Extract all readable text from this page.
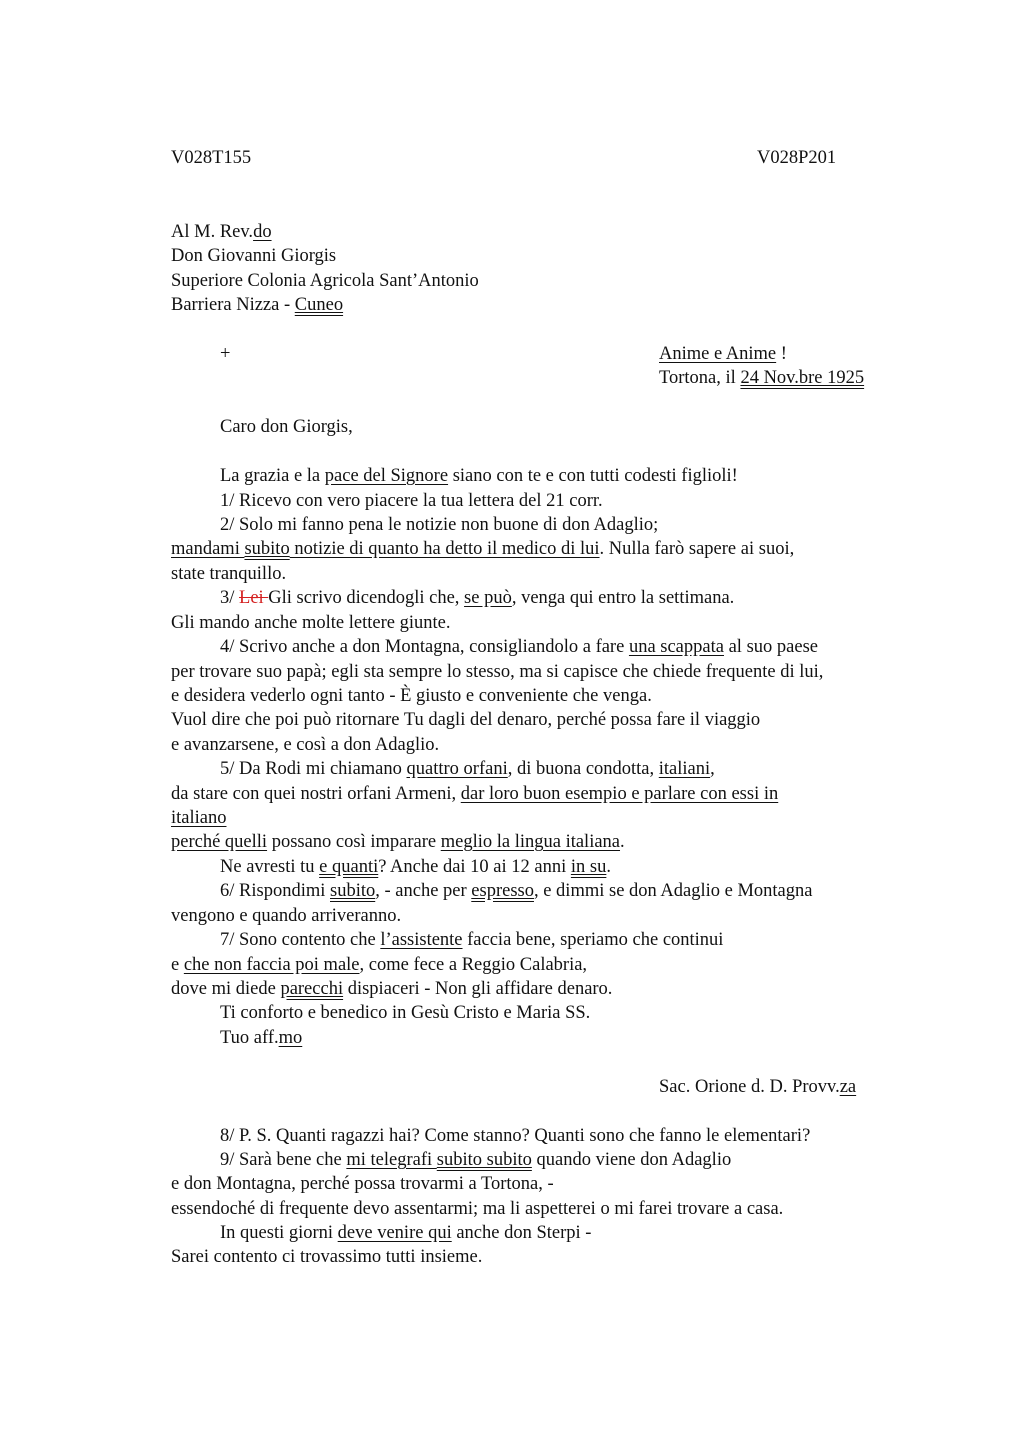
V028T155	V028P201
Al M. Rev.do
Don Giovanni Giorgis
Superiore Colonia Agricola Sant’Antonio
Barriera Nizza - Cuneo
+	Anime e Anime !
Tortona, il 24 Nov.bre 1925
Caro don Giorgis,
La grazia e la pace del Signore siano con te e con tutti codesti figlioli!
1/ Ricevo con vero piacere la tua lettera del 21 corr.
2/ Solo mi fanno pena le notizie non buone di don Adaglio;
mandami subito notizie di quanto ha detto il medico di lui. Nulla farò sapere ai suoi,
state tranquillo.
3/ Lei Gli scrivo dicendogli che, se può, venga qui entro la settimana.
Gli mando anche molte lettere giunte.
4/ Scrivo anche a don Montagna, consigliandolo a fare una scappata al suo paese
per trovare suo papà; egli sta sempre lo stesso, ma si capisce che chiede frequente di lui,
e desidera vederlo ogni tanto - È giusto e conveniente che venga.
Vuol dire che poi può ritornare Tu dagli del denaro, perché possa fare il viaggio
e avanzarsene, e così a don Adaglio.
5/ Da Rodi mi chiamano quattro orfani, di buona condotta, italiani,
da stare con quei nostri orfani Armeni, dar loro buon esempio e parlare con essi in
italiano
perché quelli possano così imparare meglio la lingua italiana.
Ne avresti tu e quanti? Anche dai 10 ai 12 anni in su.
6/ Rispondimi subito, - anche per espresso, e dimmi se don Adaglio e Montagna
vengono e quando arriveranno.
7/ Sono contento che l’assistente faccia bene, speriamo che continui
e che non faccia poi male, come fece a Reggio Calabria,
dove mi diede parecchi dispiaceri - Non gli affidare denaro.
Ti conforto e benedico in Gesù Cristo e Maria SS.
Tuo aff.mo
Sac. Orione d. D. Provv.za
8/ P. S. Quanti ragazzi hai? Come stanno? Quanti sono che fanno le elementari?
9/ Sarà bene che mi telegrafi subito subito quando viene don Adaglio
e don Montagna, perché possa trovarmi a Tortona, -
essendoché di frequente devo assentarmi; ma li aspetterei o mi farei trovare a casa.
In questi giorni deve venire qui anche don Sterpi -
Sarei contento ci trovassimo tutti insieme.
